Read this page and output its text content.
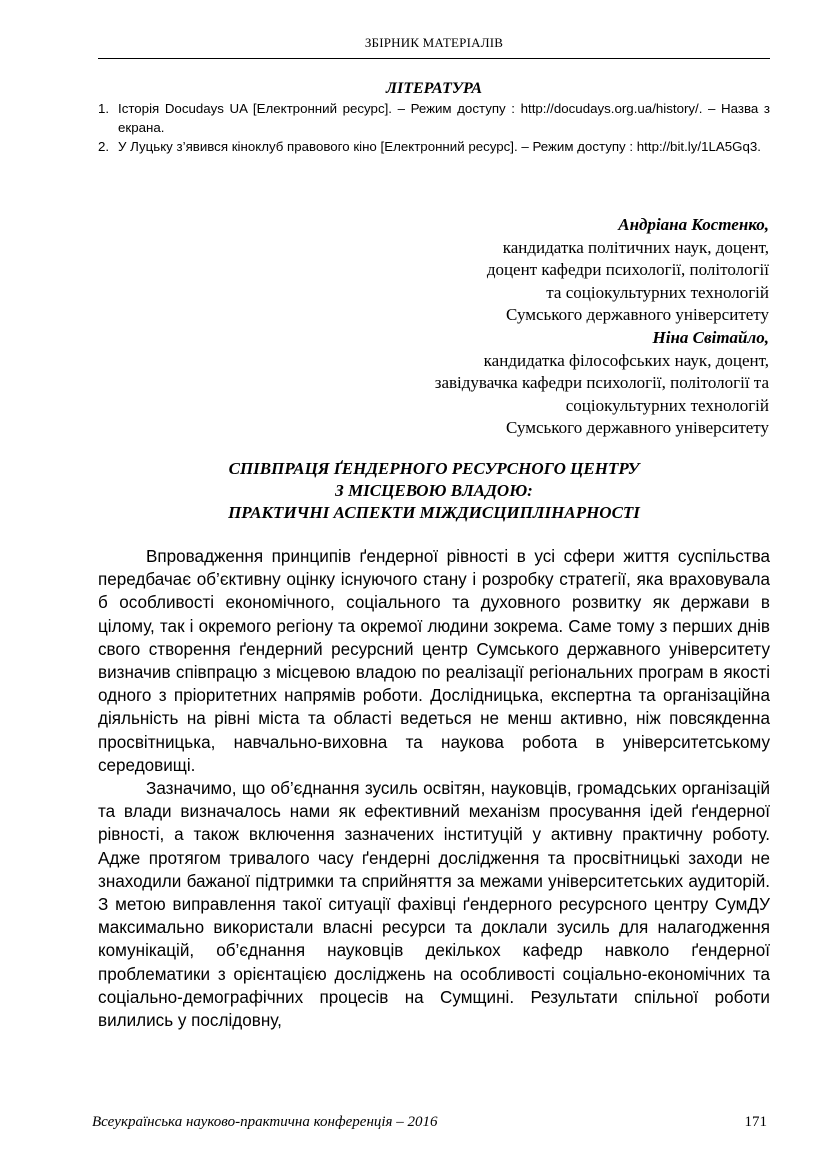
ЗБІРНИК МАТЕРІАЛІВ
ЛІТЕРАТУРА
1. Історія Docudays UA [Електронний ресурс]. – Режим доступу : http://docudays.org.ua/history/. – Назва з екрана.
2. У Луцьку з’явився кіноклуб правового кіно [Електронний ресурс]. – Режим доступу : http://bit.ly/1LA5Gq3.
Андріана Костенко,
кандидатка політичних наук, доцент,
доцент кафедри психології, політології
та соціокультурних технологій
Сумського державного університету
Ніна Світайло,
кандидатка філософських наук, доцент,
завідувачка кафедри психології, політології та
соціокультурних технологій
Сумського державного університету
СПІВПРАЦЯ ҐЕНДЕРНОГО РЕСУРСНОГО ЦЕНТРУ
З МІСЦЕВОЮ ВЛАДОЮ:
ПРАКТИЧНІ АСПЕКТИ МІЖДИСЦИПЛІНАРНОСТІ

Впровадження принципів ґендерної рівності в усі сфери життя суспільства передбачає об’єктивну оцінку існуючого стану і розробку стратегії, яка враховувала б особливості економічного, соціального та духовного розвитку як держави в цілому, так і окремого регіону та окремої людини зокрема. Саме тому з перших днів свого створення ґендерний ресурсний центр Сумського державного університету визначив співпрацю з місцевою владою по реалізації регіональних програм в якості одного з пріоритетних напрямів роботи. Дослідницька, експертна та організаційна діяльність на рівні міста та області ведеться не менш активно, ніж повсякденна просвітницька, навчально-виховна та наукова робота в університетському середовищі.

Зазначимо, що об’єднання зусиль освітян, науковців, громадських організацій та влади визначалось нами як ефективний механізм просування ідей ґендерної рівності, а також включення зазначених інституцій у активну практичну роботу. Адже протягом тривалого часу ґендерні дослідження та просвітницькі заходи не знаходили бажаної підтримки та сприйняття за межами університетських аудиторій. З метою виправлення такої ситуації фахівці ґендерного ресурсного центру СумДУ максимально використали власні ресурси та доклали зусиль для налагодження комунікацій, об’єднання науковців декількох кафедр навколо ґендерної проблематики з орієнтацією досліджень на особливості соціально-економічних та соціально-демографічних процесів на Сумщині. Результати спільної роботи вилились у послідовну,

Всеукраїнська науково-практична конференція – 2016	171
